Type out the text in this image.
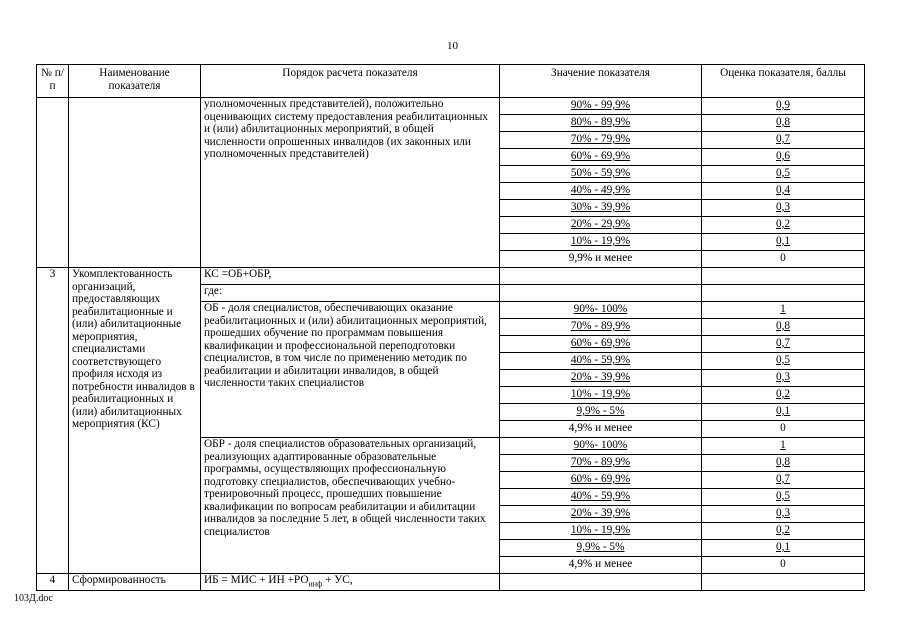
10
№ п/п	Наименование показателя	Порядок расчета показателя	Значение показателя	Оценка показателя, баллы
		уполномоченных представителей), положительно оценивающих систему предоставления реабилитационных и (или) абилитационных мероприятий, в общей численности опрошенных инвалидов (их законных или уполномоченных представителей)	90% - 99,9%	0,9
			80% - 89,9%	0,8
			70% - 79,9%	0,7
			60% - 69,9%	0,6
			50% - 59,9%	0,5
			40% - 49,9%	0,4
			30% - 39,9%	0,3
			20% - 29,9%	0,2
			10% - 19,9%	0,1
			9,9% и менее	0
3	Укомплектованность организаций, предоставляющих реабилитационные и (или) абилитационные мероприятия, специалистами соответствующего профиля исходя из потребности инвалидов в реабилитационных и (или) абилитационных мероприятия (КС)	КС =ОБ+ОБР,		
		где:		
		ОБ - доля специалистов, обеспечивающих оказание реабилитационных и (или) абилитационных мероприятий, прошедших обучение по программам повышения квалификации и профессиональной переподготовки специалистов, в том числе по применению методик по реабилитации и абилитации инвалидов, в общей численности таких специалистов	90%- 100%	1
			70% - 89,9%	0,8
			60% - 69,9%	0,7
			40% - 59,9%	0,5
			20% - 39,9%	0,3
			10% - 19,9%	0,2
			9,9% - 5%	0,1
			4,9% и менее	0
		ОБР - доля специалистов образовательных организаций, реализующих адаптированные образовательные программы, осуществляющих профессиональную подготовку специалистов, обеспечивающих учебно-тренировочный процесс, прошедших повышение квалификации по вопросам реабилитации и абилитации инвалидов за последние 5 лет, в общей численности таких специалистов	90%- 100%	1
			70% - 89,9%	0,8
			60% - 69,9%	0,7
			40% - 59,9%	0,5
			20% - 39,9%	0,3
			10% - 19,9%	0,2
			9,9% - 5%	0,1
			4,9% и менее	0
4	Сформированность	ИБ = МИС + ИН $+РО_{инф}$ + УС,		
103Д.doc
